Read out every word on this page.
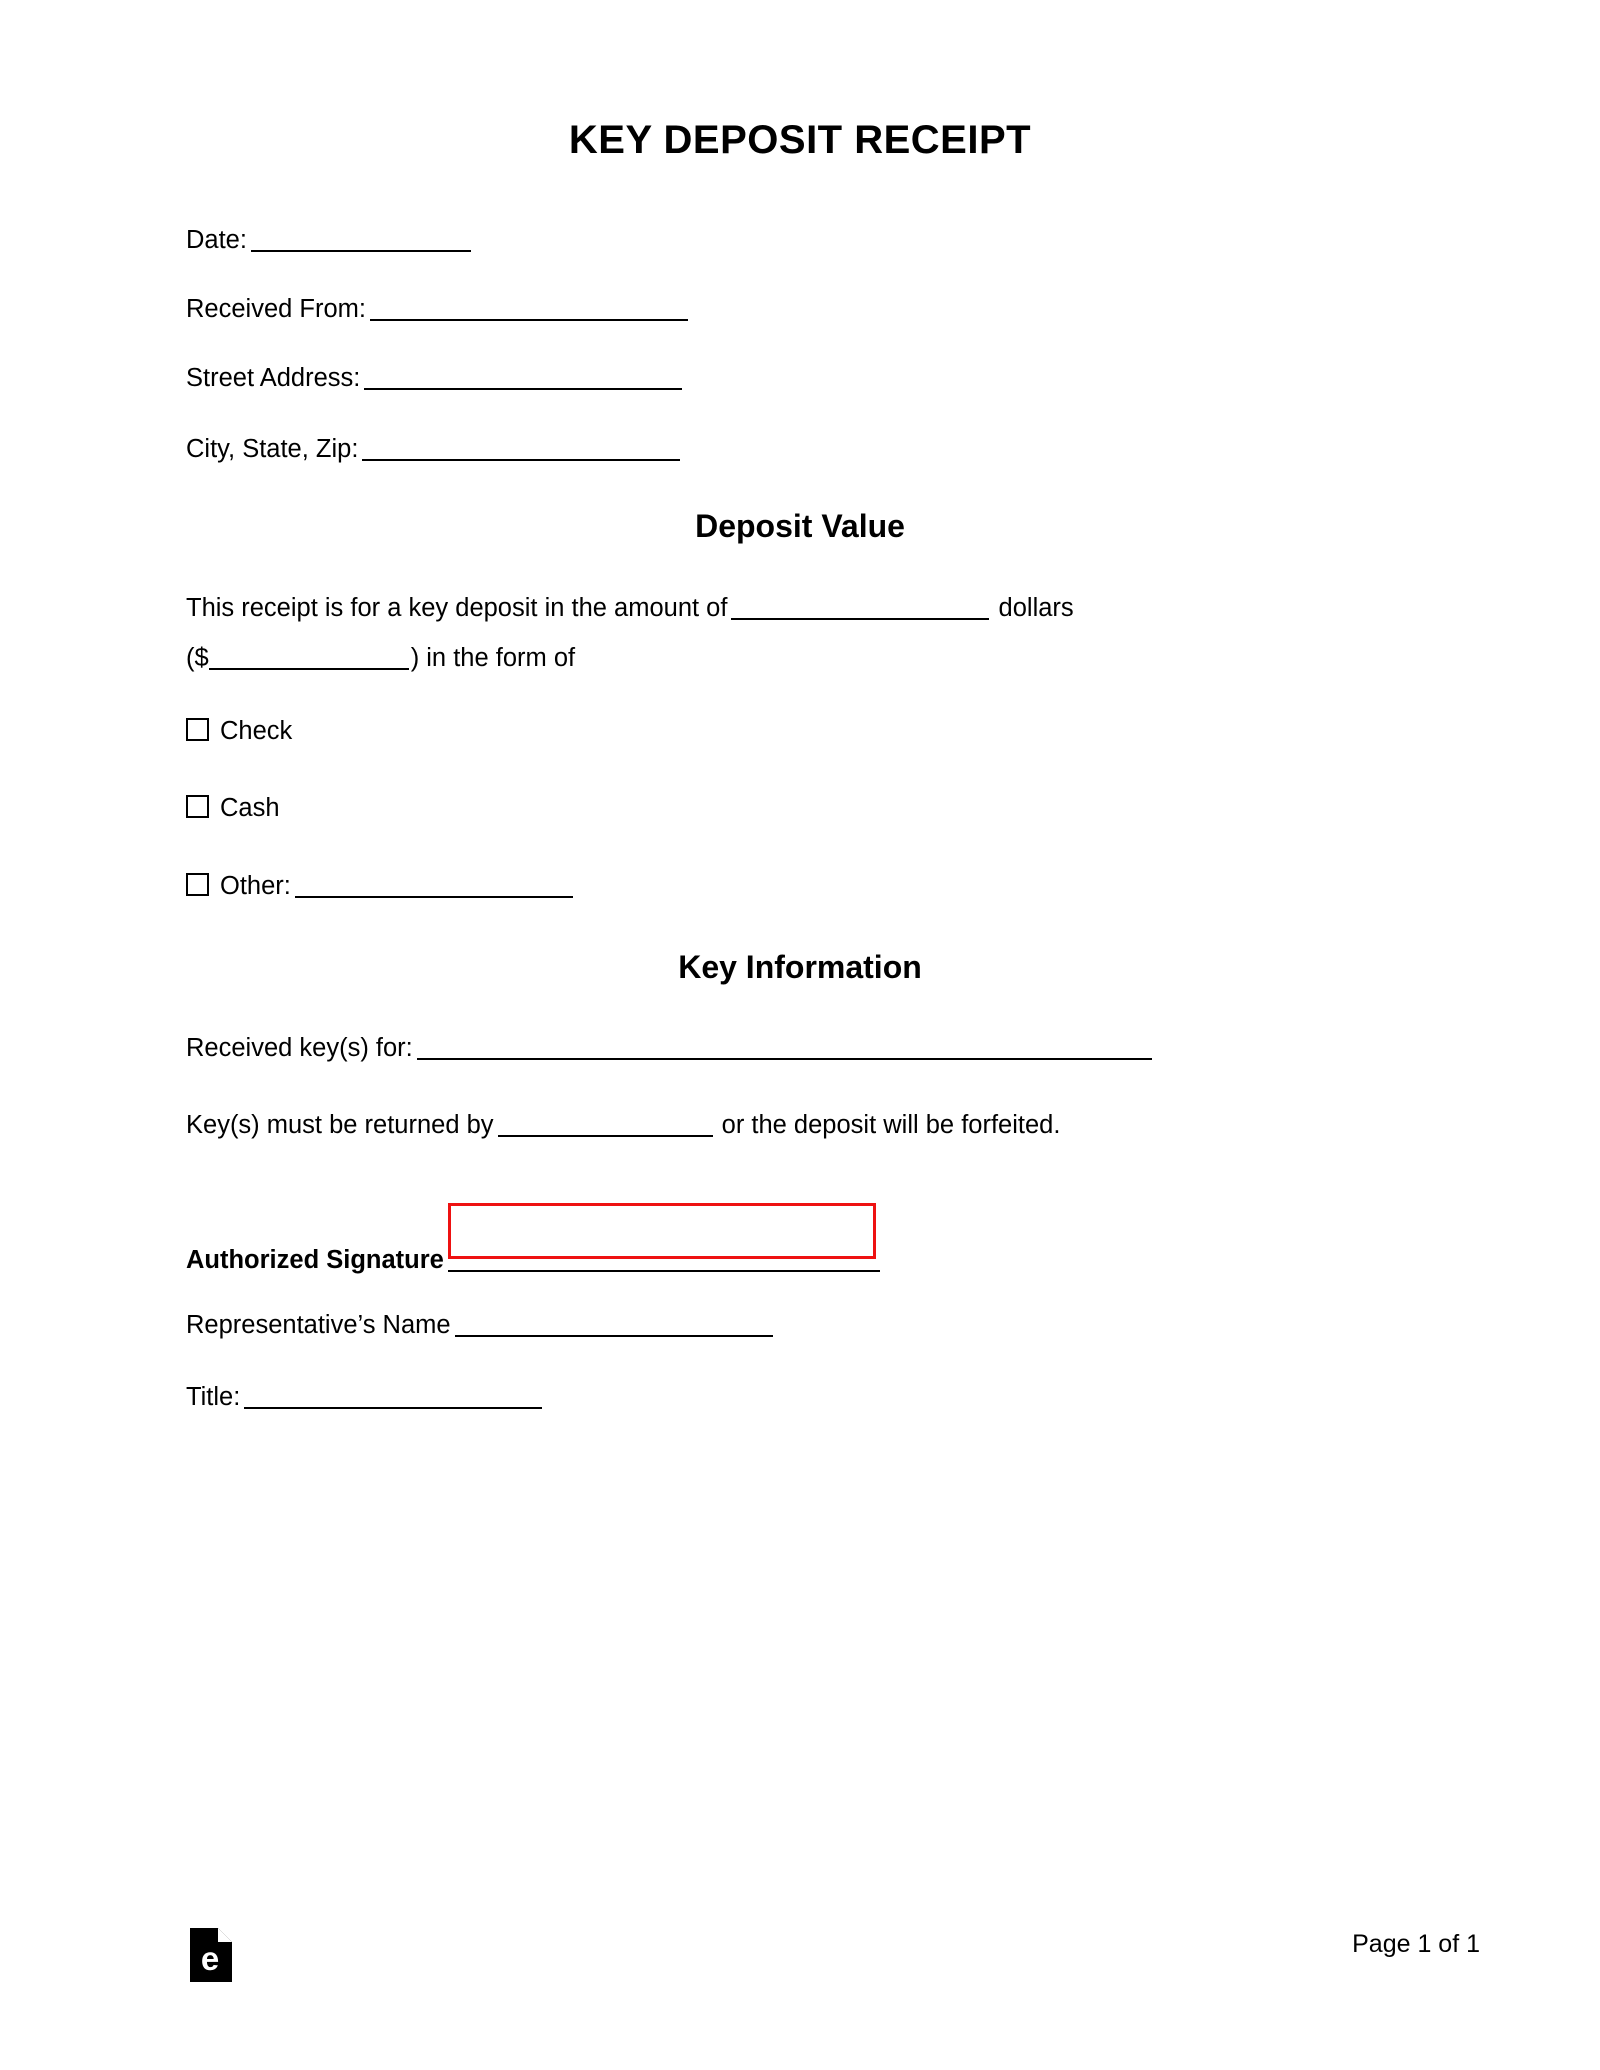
KEY DEPOSIT RECEIPT
Date:
Received From:
Street Address:
City, State, Zip:
Deposit Value
This receipt is for a key deposit in the amount of	dollars
($	) in the form of
Check
Cash
Other:
Key Information
Received key(s) for:
Key(s) must be returned by	or the deposit will be forfeited.
Authorized Signature
Representative’s Name
Title:
e	Page 1 of 1
